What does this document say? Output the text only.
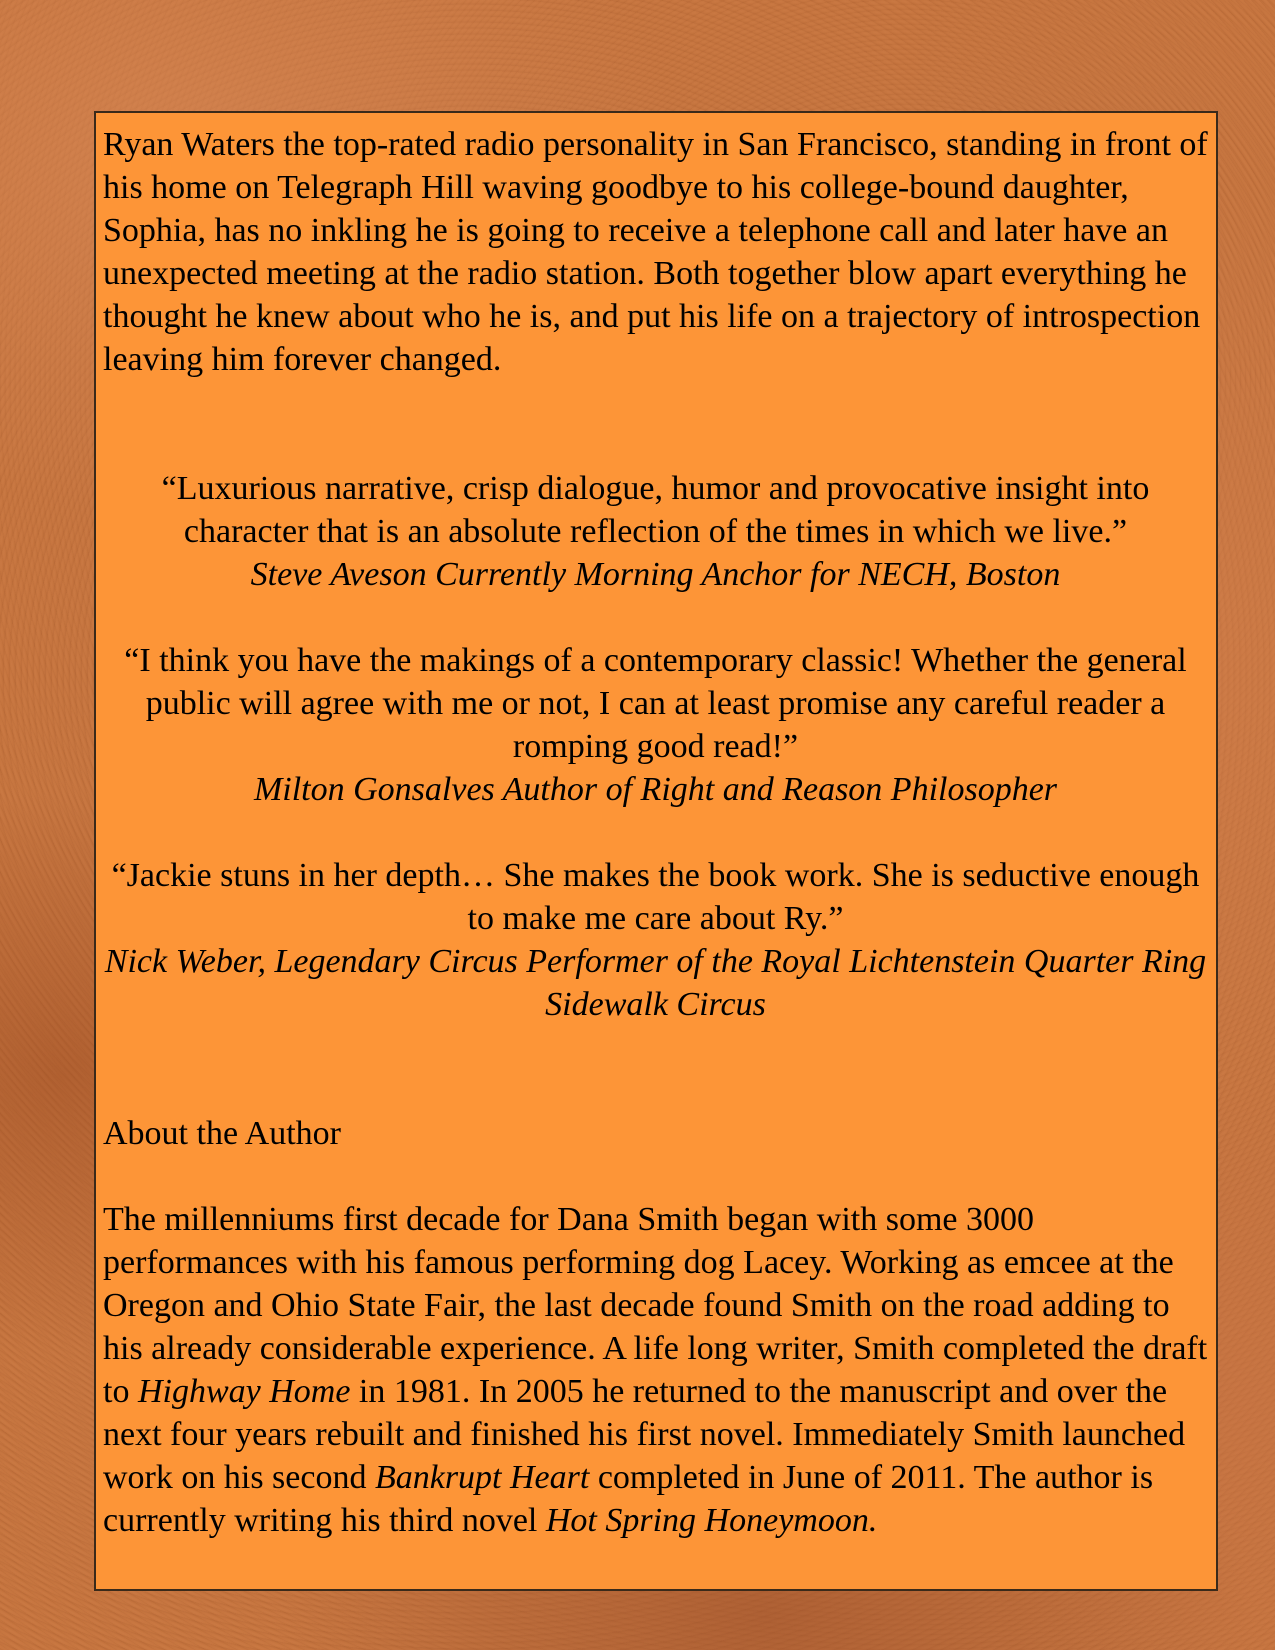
Ryan Waters the top-rated radio personality in San Francisco, standing in front of his home on Telegraph Hill waving goodbye to his college-bound daughter, Sophia, has no inkling he is going to receive a telephone call and later have an unexpected meeting at the radio station. Both together blow apart everything he thought he knew about who he is, and put his life on a trajectory of introspection leaving him forever changed.

“Luxurious narrative, crisp dialogue, humor and provocative insight into character that is an absolute reflection of the times in which we live.”
Steve Aveson Currently Morning Anchor for NECH, Boston
“I think you have the makings of a contemporary classic! Whether the general public will agree with me or not, I can at least promise any careful reader a romping good read!”
Milton Gonsalves Author of Right and Reason Philosopher
“Jackie stuns in her depth… She makes the book work. She is seductive enough to make me care about Ry.”
Nick Weber, Legendary Circus Performer of the Royal Lichtenstein Quarter Ring Sidewalk Circus

About the Author

The millenniums first decade for Dana Smith began with some 3000 performances with his famous performing dog Lacey. Working as emcee at the Oregon and Ohio State Fair, the last decade found Smith on the road adding to his already considerable experience. A life long writer, Smith completed the draft to Highway Home in 1981. In 2005 he returned to the manuscript and over the next four years rebuilt and finished his first novel. Immediately Smith launched work on his second Bankrupt Heart completed in June of 2011. The author is currently writing his third novel Hot Spring Honeymoon.
